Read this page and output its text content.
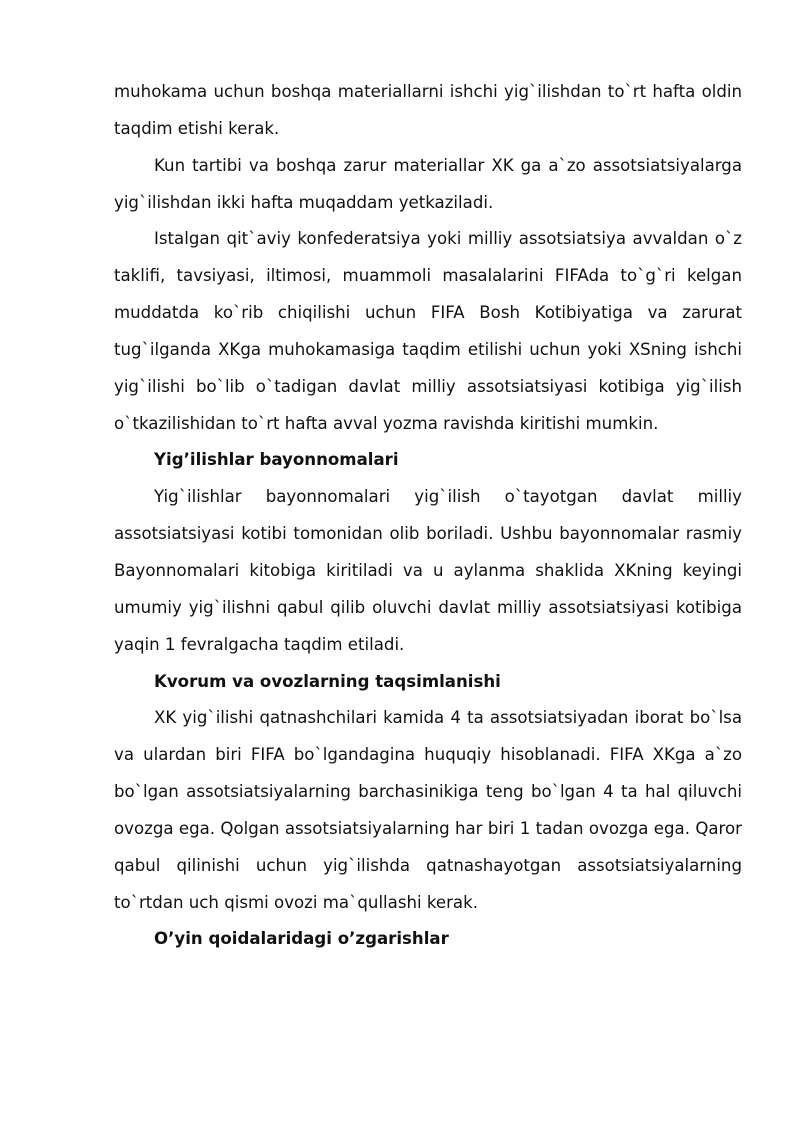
muhokama uchun boshqa materiallarni ishchi yig`ilishdan to`rt hafta oldin taqdim etishi kerak.

Kun tartibi va boshqa zarur materiallar XK ga a`zo assotsiatsiyalarga yig`ilishdan ikki hafta muqaddam yetkaziladi.

Istalgan qit`aviy konfederatsiya yoki milliy assotsiatsiya avvaldan o`z taklifi, tavsiyasi, iltimosi, muammoli masalalarini FIFAda to`g`ri kelgan muddatda ko`rib chiqilishi uchun FIFA Bosh Kotibiyatiga va zarurat tug`ilganda XKga muhokamasiga taqdim etilishi uchun yoki XSning ishchi yig`ilishi bo`lib o`tadigan davlat milliy assotsiatsiyasi kotibiga yig`ilish o`tkazilishidan to`rt hafta avval yozma ravishda kiritishi mumkin.

Yig’ilishlar bayonnomalari

Yig`ilishlar bayonnomalari yig`ilish o`tayotgan davlat milliy assotsiatsiyasi kotibi tomonidan olib boriladi. Ushbu bayonnomalar rasmiy Bayonnomalari kitobiga kiritiladi va u aylanma shaklida XKning keyingi umumiy yig`ilishni qabul qilib oluvchi davlat milliy assotsiatsiyasi kotibiga yaqin 1 fevralgacha taqdim etiladi.

Kvorum va ovozlarning taqsimlanishi

XK yig`ilishi qatnashchilari kamida 4 ta assotsiatsiyadan iborat bo`lsa va ulardan biri FIFA bo`lgandagina huquqiy hisoblanadi. FIFA XKga a`zo bo`lgan assotsiatsiyalarning barchasinikiga teng bo`lgan 4 ta hal qiluvchi ovozga ega. Qolgan assotsiatsiyalarning har biri 1 tadan ovozga ega. Qaror qabul qilinishi uchun yig`ilishda qatnashayotgan assotsiatsiyalarning to`rtdan uch qismi ovozi ma`qullashi kerak.

O’yin qoidalaridagi o’zgarishlar
